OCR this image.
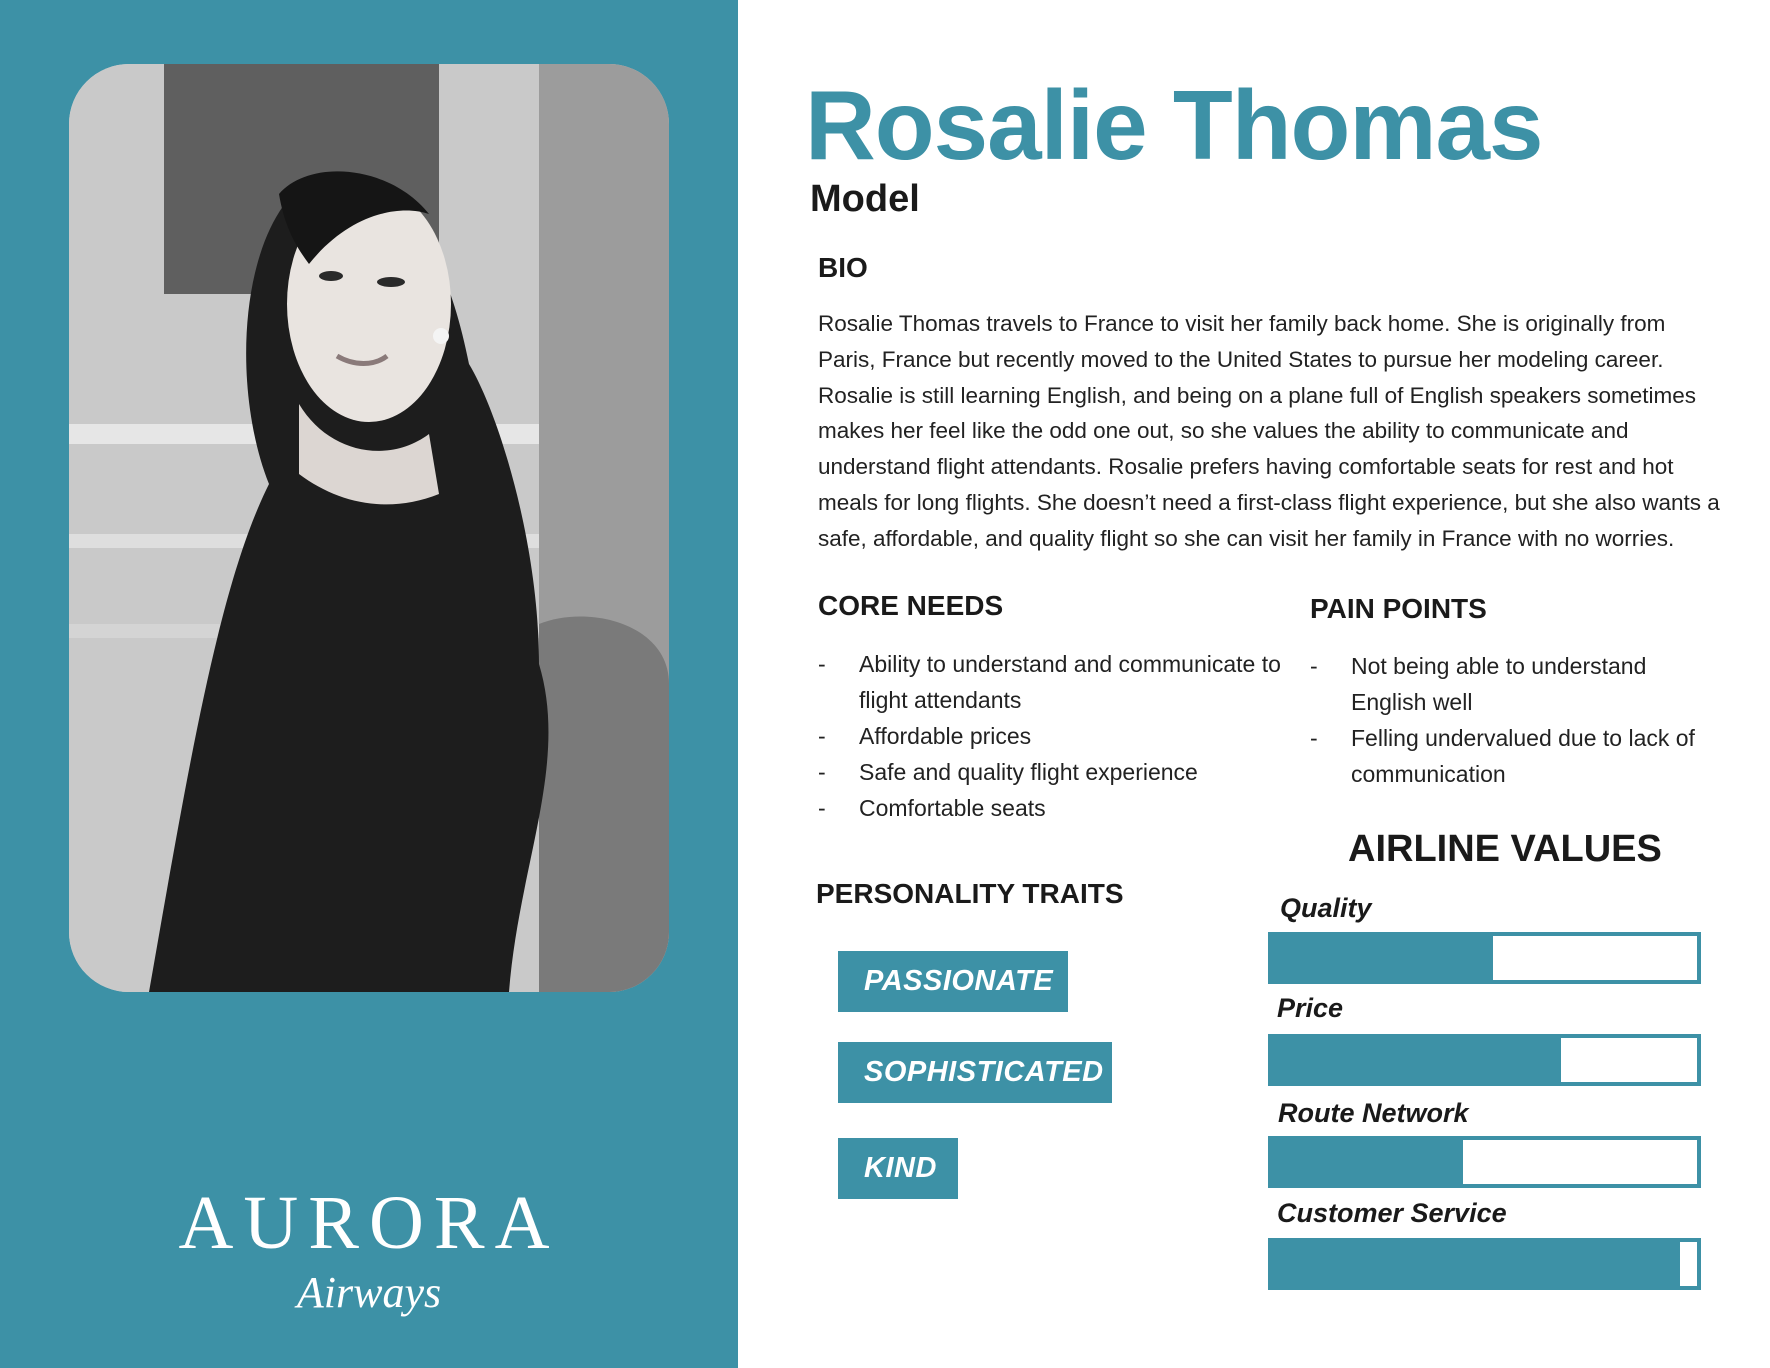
AURORA
Airways
Rosalie Thomas
Model
BIO
Rosalie Thomas travels to France to visit her family back home. She is originally from Paris, France but recently moved to the United States to pursue her modeling career. Rosalie is still learning English, and being on a plane full of English speakers sometimes makes her feel like the odd one out, so she values the ability to communicate and understand flight attendants. Rosalie prefers having comfortable seats for rest and hot meals for long flights. She doesn’t need a first-class flight experience, but she also wants a safe, affordable, and quality flight so she can visit her family in France with no worries.
CORE NEEDS
- Ability to understand and communicate to flight attendants
- Affordable prices
- Safe and quality flight experience
- Comfortable seats
PAIN POINTS
- Not being able to understand English well
- Felling undervalued due to lack of communication
PERSONALITY TRAITS
PASSIONATE
SOPHISTICATED
KIND
AIRLINE VALUES
Quality
Price
Route Network
Customer Service
